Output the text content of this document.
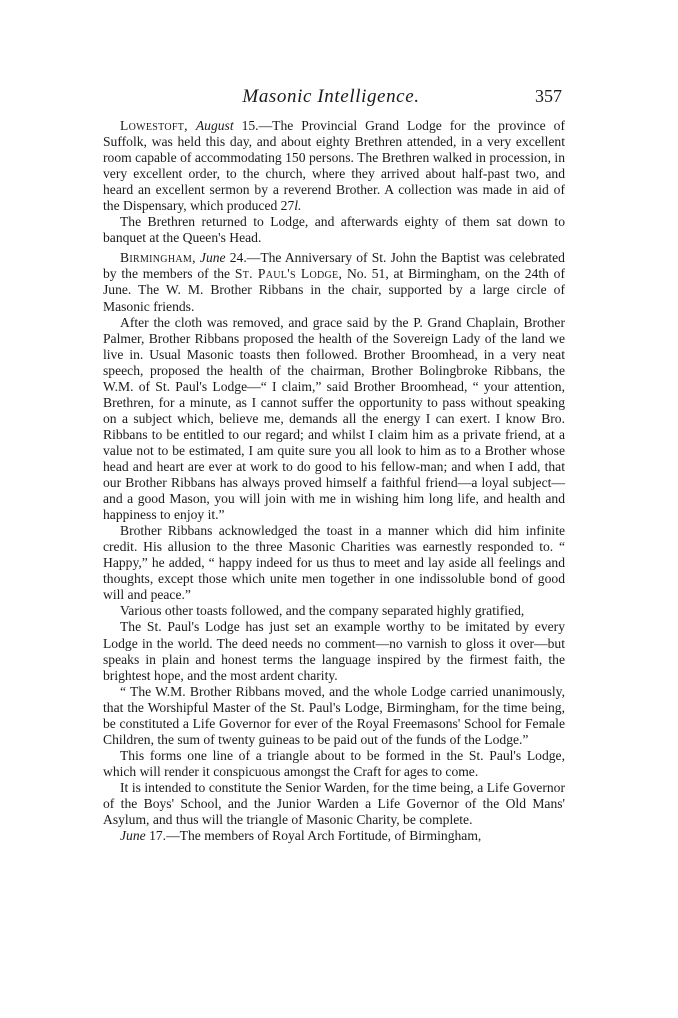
Masonic Intelligence.	357

Lowestoft, August 15.—The Provincial Grand Lodge for the province of Suffolk, was held this day, and about eighty Brethren attended, in a very excellent room capable of accommodating 150 persons. The Brethren walked in procession, in very excellent order, to the church, where they arrived about half-past two, and heard an excellent sermon by a reverend Brother. A collection was made in aid of the Dispensary, which produced 27l.

The Brethren returned to Lodge, and afterwards eighty of them sat down to banquet at the Queen's Head.

Birmingham, June 24.—The Anniversary of St. John the Baptist was celebrated by the members of the St. Paul's Lodge, No. 51, at Birmingham, on the 24th of June. The W. M. Brother Ribbans in the chair, supported by a large circle of Masonic friends.

After the cloth was removed, and grace said by the P. Grand Chaplain, Brother Palmer, Brother Ribbans proposed the health of the Sovereign Lady of the land we live in. Usual Masonic toasts then followed. Brother Broomhead, in a very neat speech, proposed the health of the chairman, Brother Bolingbroke Ribbans, the W.M. of St. Paul's Lodge—“ I claim,” said Brother Broomhead, “ your attention, Brethren, for a minute, as I cannot suffer the opportunity to pass without speaking on a subject which, believe me, demands all the energy I can exert. I know Bro. Ribbans to be entitled to our regard; and whilst I claim him as a private friend, at a value not to be estimated, I am quite sure you all look to him as to a Brother whose head and heart are ever at work to do good to his fellow-man; and when I add, that our Brother Ribbans has always proved himself a faithful friend—a loyal subject—and a good Mason, you will join with me in wishing him long life, and health and happiness to enjoy it.”

Brother Ribbans acknowledged the toast in a manner which did him infinite credit. His allusion to the three Masonic Charities was earnestly responded to. “ Happy,” he added, “ happy indeed for us thus to meet and lay aside all feelings and thoughts, except those which unite men together in one indissoluble bond of good will and peace.”

Various other toasts followed, and the company separated highly gratified,

The St. Paul's Lodge has just set an example worthy to be imitated by every Lodge in the world. The deed needs no comment—no varnish to gloss it over—but speaks in plain and honest terms the language inspired by the firmest faith, the brightest hope, and the most ardent charity.

“ The W.M. Brother Ribbans moved, and the whole Lodge carried unanimously, that the Worshipful Master of the St. Paul's Lodge, Birmingham, for the time being, be constituted a Life Governor for ever of the Royal Freemasons' School for Female Children, the sum of twenty guineas to be paid out of the funds of the Lodge.”

This forms one line of a triangle about to be formed in the St. Paul's Lodge, which will render it conspicuous amongst the Craft for ages to come.

It is intended to constitute the Senior Warden, for the time being, a Life Governor of the Boys' School, and the Junior Warden a Life Governor of the Old Mans' Asylum, and thus will the triangle of Masonic Charity, be complete.

June 17.—The members of Royal Arch Fortitude, of Birmingham,
